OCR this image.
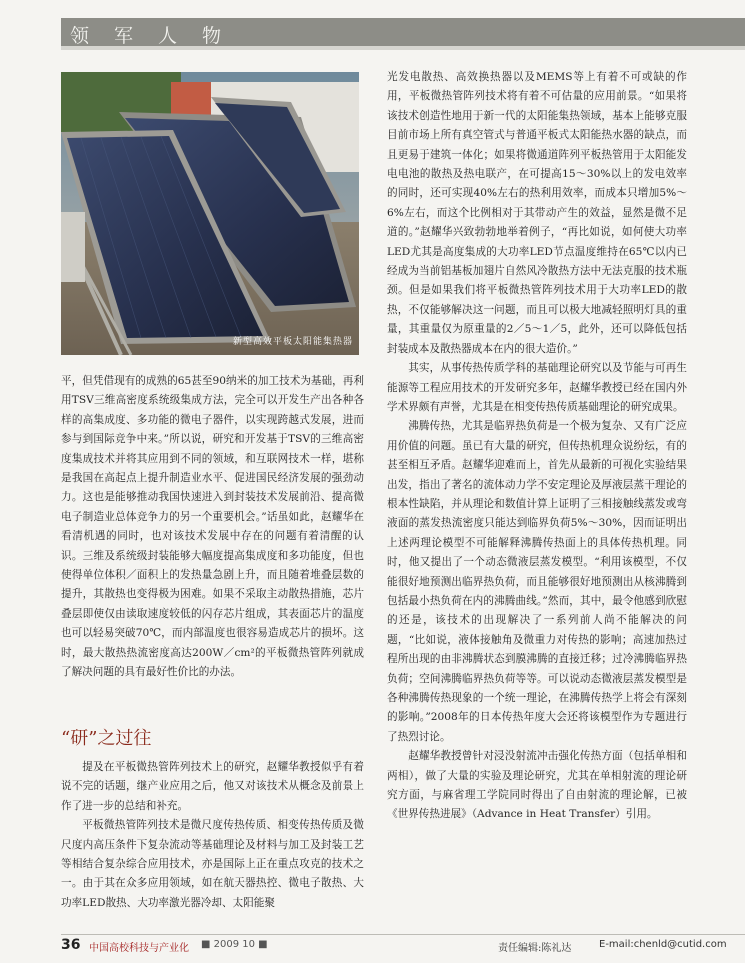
领军人物
新型高效平板太阳能集热器

平，但凭借现有的成熟的65甚至90纳米的加工技术为基础，再利用TSV三维高密度系统级集成方法，完全可以开发生产出各种各样的高集成度、多功能的微电子器件，以实现跨越式发展，进而参与到国际竞争中来。”所以说，研究和开发基于TSV的三维高密度集成技术并将其应用到不同的领域，和互联网技术一样，堪称是我国在高起点上提升制造业水平、促进国民经济发展的强劲动力。这也是能够推动我国快速进入到封装技术发展前沿、提高微电子制造业总体竞争力的另一个重要机会。”话虽如此，赵耀华在看清机遇的同时，也对该技术发展中存在的问题有着清醒的认识。三维及系统级封装能够大幅度提高集成度和多功能度，但也使得单位体积／面积上的发热量急剧上升，而且随着堆叠层数的提升，其散热也变得极为困难。如果不采取主动散热措施，芯片叠层即使仅由读取速度较低的闪存芯片组成，其表面芯片的温度也可以轻易突破70℃，而内部温度也很容易造成芯片的损坏。这时，最大散热热流密度高达200W／cm²的平板微热管阵列就成了解决问题的具有最好性价比的办法。

“研”之过往

提及在平板微热管阵列技术上的研究，赵耀华教授似乎有着说不完的话题，继产业应用之后，他又对该技术从概念及前景上作了进一步的总结和补充。

平板微热管阵列技术是微尺度传热传质、相变传热传质及微尺度内高压条件下复杂流动等基础理论及材料与加工及封装工艺等相结合复杂综合应用技术，亦是国际上正在重点攻克的技术之一。由于其在众多应用领域，如在航天器热控、微电子散热、大功率LED散热、大功率激光器冷却、太阳能聚

光发电散热、高效换热器以及MEMS等上有着不可或缺的作用，平板微热管阵列技术将有着不可估量的应用前景。“如果将该技术创造性地用于新一代的太阳能集热领域，基本上能够克服目前市场上所有真空管式与普通平板式太阳能热水器的缺点，而且更易于建筑一体化；如果将微通道阵列平板热管用于太阳能发电电池的散热及热电联产，在可提高15～30%以上的发电效率的同时，还可实现40%左右的热利用效率，而成本只增加5%～6%左右，而这个比例相对于其带动产生的效益，显然是微不足道的。”赵耀华兴致勃勃地举着例子，“再比如说，如何使大功率LED尤其是高度集成的大功率LED节点温度维持在65℃以内已经成为当前铝基板加翅片自然风冷散热方法中无法克服的技术瓶颈。但是如果我们将平板微热管阵列技术用于大功率LED的散热，不仅能够解决这一问题，而且可以极大地减轻照明灯具的重量，其重量仅为原重量的2／5～1／5，此外，还可以降低包括封装成本及散热器成本在内的很大造价。”

其实，从事传热传质学科的基础理论研究以及节能与可再生能源等工程应用技术的开发研究多年，赵耀华教授已经在国内外学术界颇有声誉，尤其是在相变传热传质基础理论的研究成果。

沸腾传热，尤其是临界热负荷是一个极为复杂、又有广泛应用价值的问题。虽已有大量的研究，但传热机理众说纷纭，有的甚至相互矛盾。赵耀华迎难而上，首先从最新的可视化实验结果出发，指出了著名的流体动力学不安定理论及厚液层蒸干理论的根本性缺陷，并从理论和数值计算上证明了三相接触线蒸发或弯液面的蒸发热流密度只能达到临界负荷5%～30%，因而证明出上述两理论模型不可能解释沸腾传热面上的具体传热机理。同时，他又提出了一个动态微液层蒸发模型。“利用该模型，不仅能很好地预测出临界热负荷，而且能够很好地预测出从核沸腾到包括最小热负荷在内的沸腾曲线。”然而，其中，最令他感到欣慰的还是，该技术的出现解决了一系列前人尚不能解决的问题，“比如说，液体接触角及微重力对传热的影响；高速加热过程所出现的由非沸腾状态到膜沸腾的直接迁移；过冷沸腾临界热负荷；空间沸腾临界热负荷等等。可以说动态微液层蒸发模型是各种沸腾传热现象的一个统一理论，在沸腾传热学上将会有深刻的影响。”2008年的日本传热年度大会还将该模型作为专题进行了热烈讨论。

赵耀华教授曾针对浸没射流冲击强化传热方面（包括单相和两相），做了大量的实验及理论研究，尤其在单相射流的理论研究方面，与麻省理工学院同时得出了自由射流的理论解，已被《世界传热进展》（Advance in Heat Transfer）引用。

36 中国高校科技与产业化 ■ 2009 10 ■	责任编辑:陈礼达	E-mail:chenld@cutid.com
